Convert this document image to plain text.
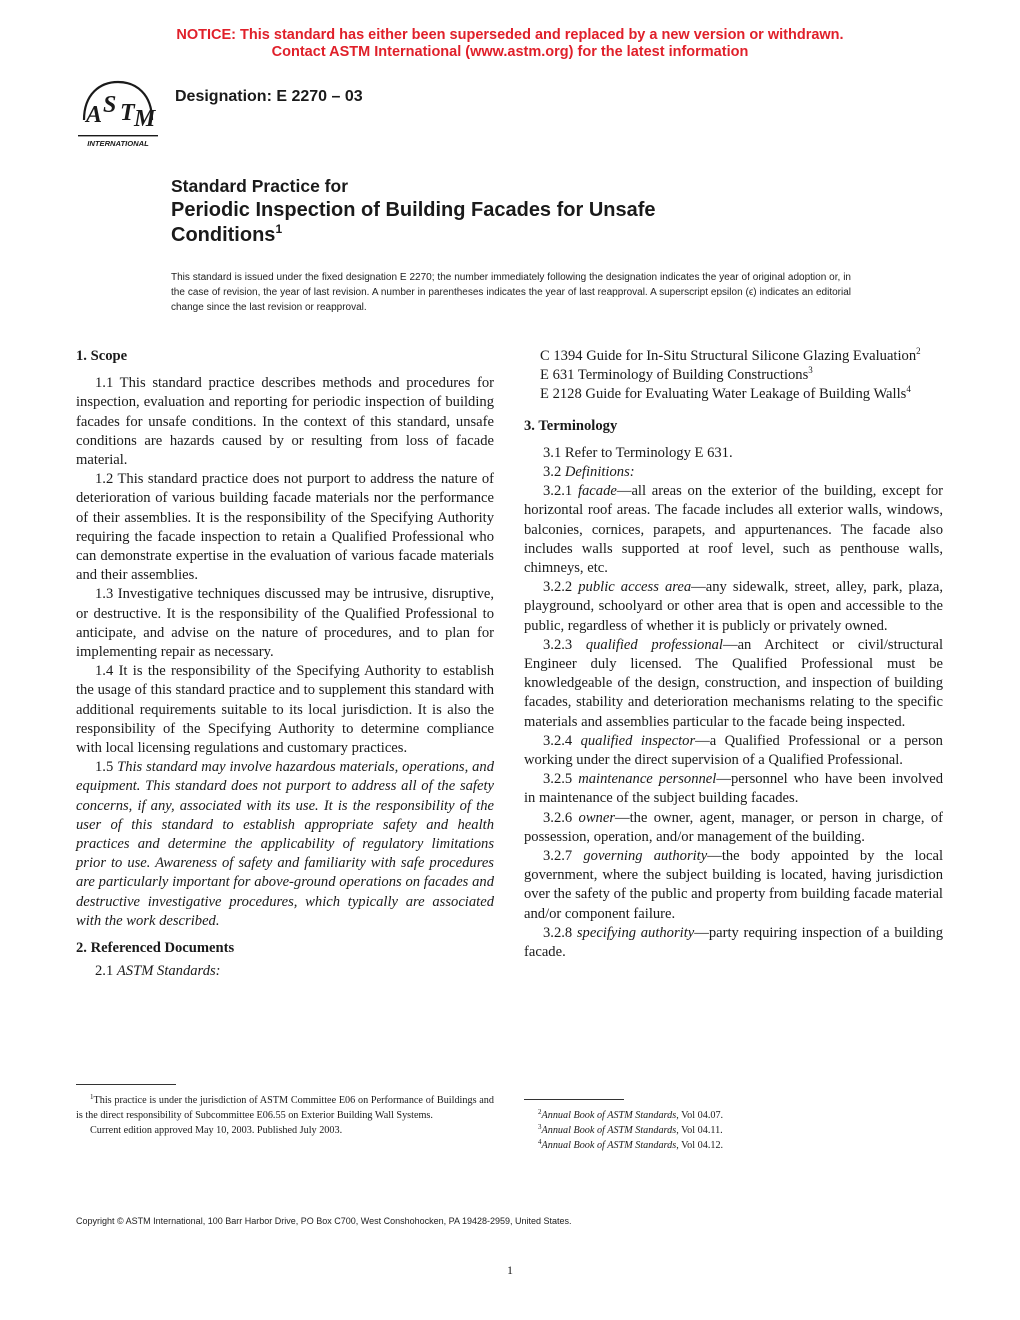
NOTICE: This standard has either been superseded and replaced by a new version or withdrawn.
Contact ASTM International (www.astm.org) for the latest information
A S T M
INTERNATIONAL
Designation: E 2270 – 03
Standard Practice for
Periodic Inspection of Building Facades for Unsafe
Conditions$^1$
This standard is issued under the fixed designation E 2270; the number immediately following the designation indicates the year of original adoption or, in the case of revision, the year of last revision. A number in parentheses indicates the year of last reapproval. A superscript epsilon (ϵ) indicates an editorial change since the last revision or reapproval.
1. Scope

1.1 This standard practice describes methods and procedures for inspection, evaluation and reporting for periodic inspection of building facades for unsafe conditions. In the context of this standard, unsafe conditions are hazards caused by or resulting from loss of facade material.

1.2 This standard practice does not purport to address the nature of deterioration of various building facade materials nor the performance of their assemblies. It is the responsibility of the Specifying Authority requiring the facade inspection to retain a Qualified Professional who can demonstrate expertise in the evaluation of various facade materials and their assemblies.

1.3 Investigative techniques discussed may be intrusive, disruptive, or destructive. It is the responsibility of the Qualified Professional to anticipate, and advise on the nature of procedures, and to plan for implementing repair as necessary.

1.4 It is the responsibility of the Specifying Authority to establish the usage of this standard practice and to supplement this standard with additional requirements suitable to its local jurisdiction. It is also the responsibility of the Specifying Authority to determine compliance with local licensing regulations and customary practices.

1.5 This standard may involve hazardous materials, operations, and equipment. This standard does not purport to address all of the safety concerns, if any, associated with its use. It is the responsibility of the user of this standard to establish appropriate safety and health practices and determine the applicability of regulatory limitations prior to use. Awareness of safety and familiarity with safe procedures are particularly important for above-ground operations on facades and destructive investigative procedures, which typically are associated with the work described.

2. Referenced Documents

2.1 ASTM Standards:

C 1394 Guide for In-Situ Structural Silicone Glazing Evaluation$^2$

E 631 Terminology of Building Constructions$^3$

E 2128 Guide for Evaluating Water Leakage of Building Walls$^4$

3. Terminology

3.1 Refer to Terminology E 631.

3.2 Definitions:

3.2.1 facade—all areas on the exterior of the building, except for horizontal roof areas. The facade includes all exterior walls, windows, balconies, cornices, parapets, and appurtenances. The facade also includes walls supported at roof level, such as penthouse walls, chimneys, etc.

3.2.2 public access area—any sidewalk, street, alley, park, plaza, playground, schoolyard or other area that is open and accessible to the public, regardless of whether it is publicly or privately owned.

3.2.3 qualified professional—an Architect or civil/structural Engineer duly licensed. The Qualified Professional must be knowledgeable of the design, construction, and inspection of building facades, stability and deterioration mechanisms relating to the specific materials and assemblies particular to the facade being inspected.

3.2.4 qualified inspector—a Qualified Professional or a person working under the direct supervision of a Qualified Professional.

3.2.5 maintenance personnel—personnel who have been involved in maintenance of the subject building facades.

3.2.6 owner—the owner, agent, manager, or person in charge, of possession, operation, and/or management of the building.

3.2.7 governing authority—the body appointed by the local government, where the subject building is located, having jurisdiction over the safety of the public and property from building facade material and/or component failure.

3.2.8 specifying authority—party requiring inspection of a building facade.

$^1$This practice is under the jurisdiction of ASTM Committee E06 on Performance of Buildings and is the direct responsibility of Subcommittee E06.55 on Exterior Building Wall Systems.

Current edition approved May 10, 2003. Published July 2003.

$^2$Annual Book of ASTM Standards, Vol 04.07.

$^3$Annual Book of ASTM Standards, Vol 04.11.

$^4$Annual Book of ASTM Standards, Vol 04.12.

Copyright © ASTM International, 100 Barr Harbor Drive, PO Box C700, West Conshohocken, PA 19428-2959, United States.
1
